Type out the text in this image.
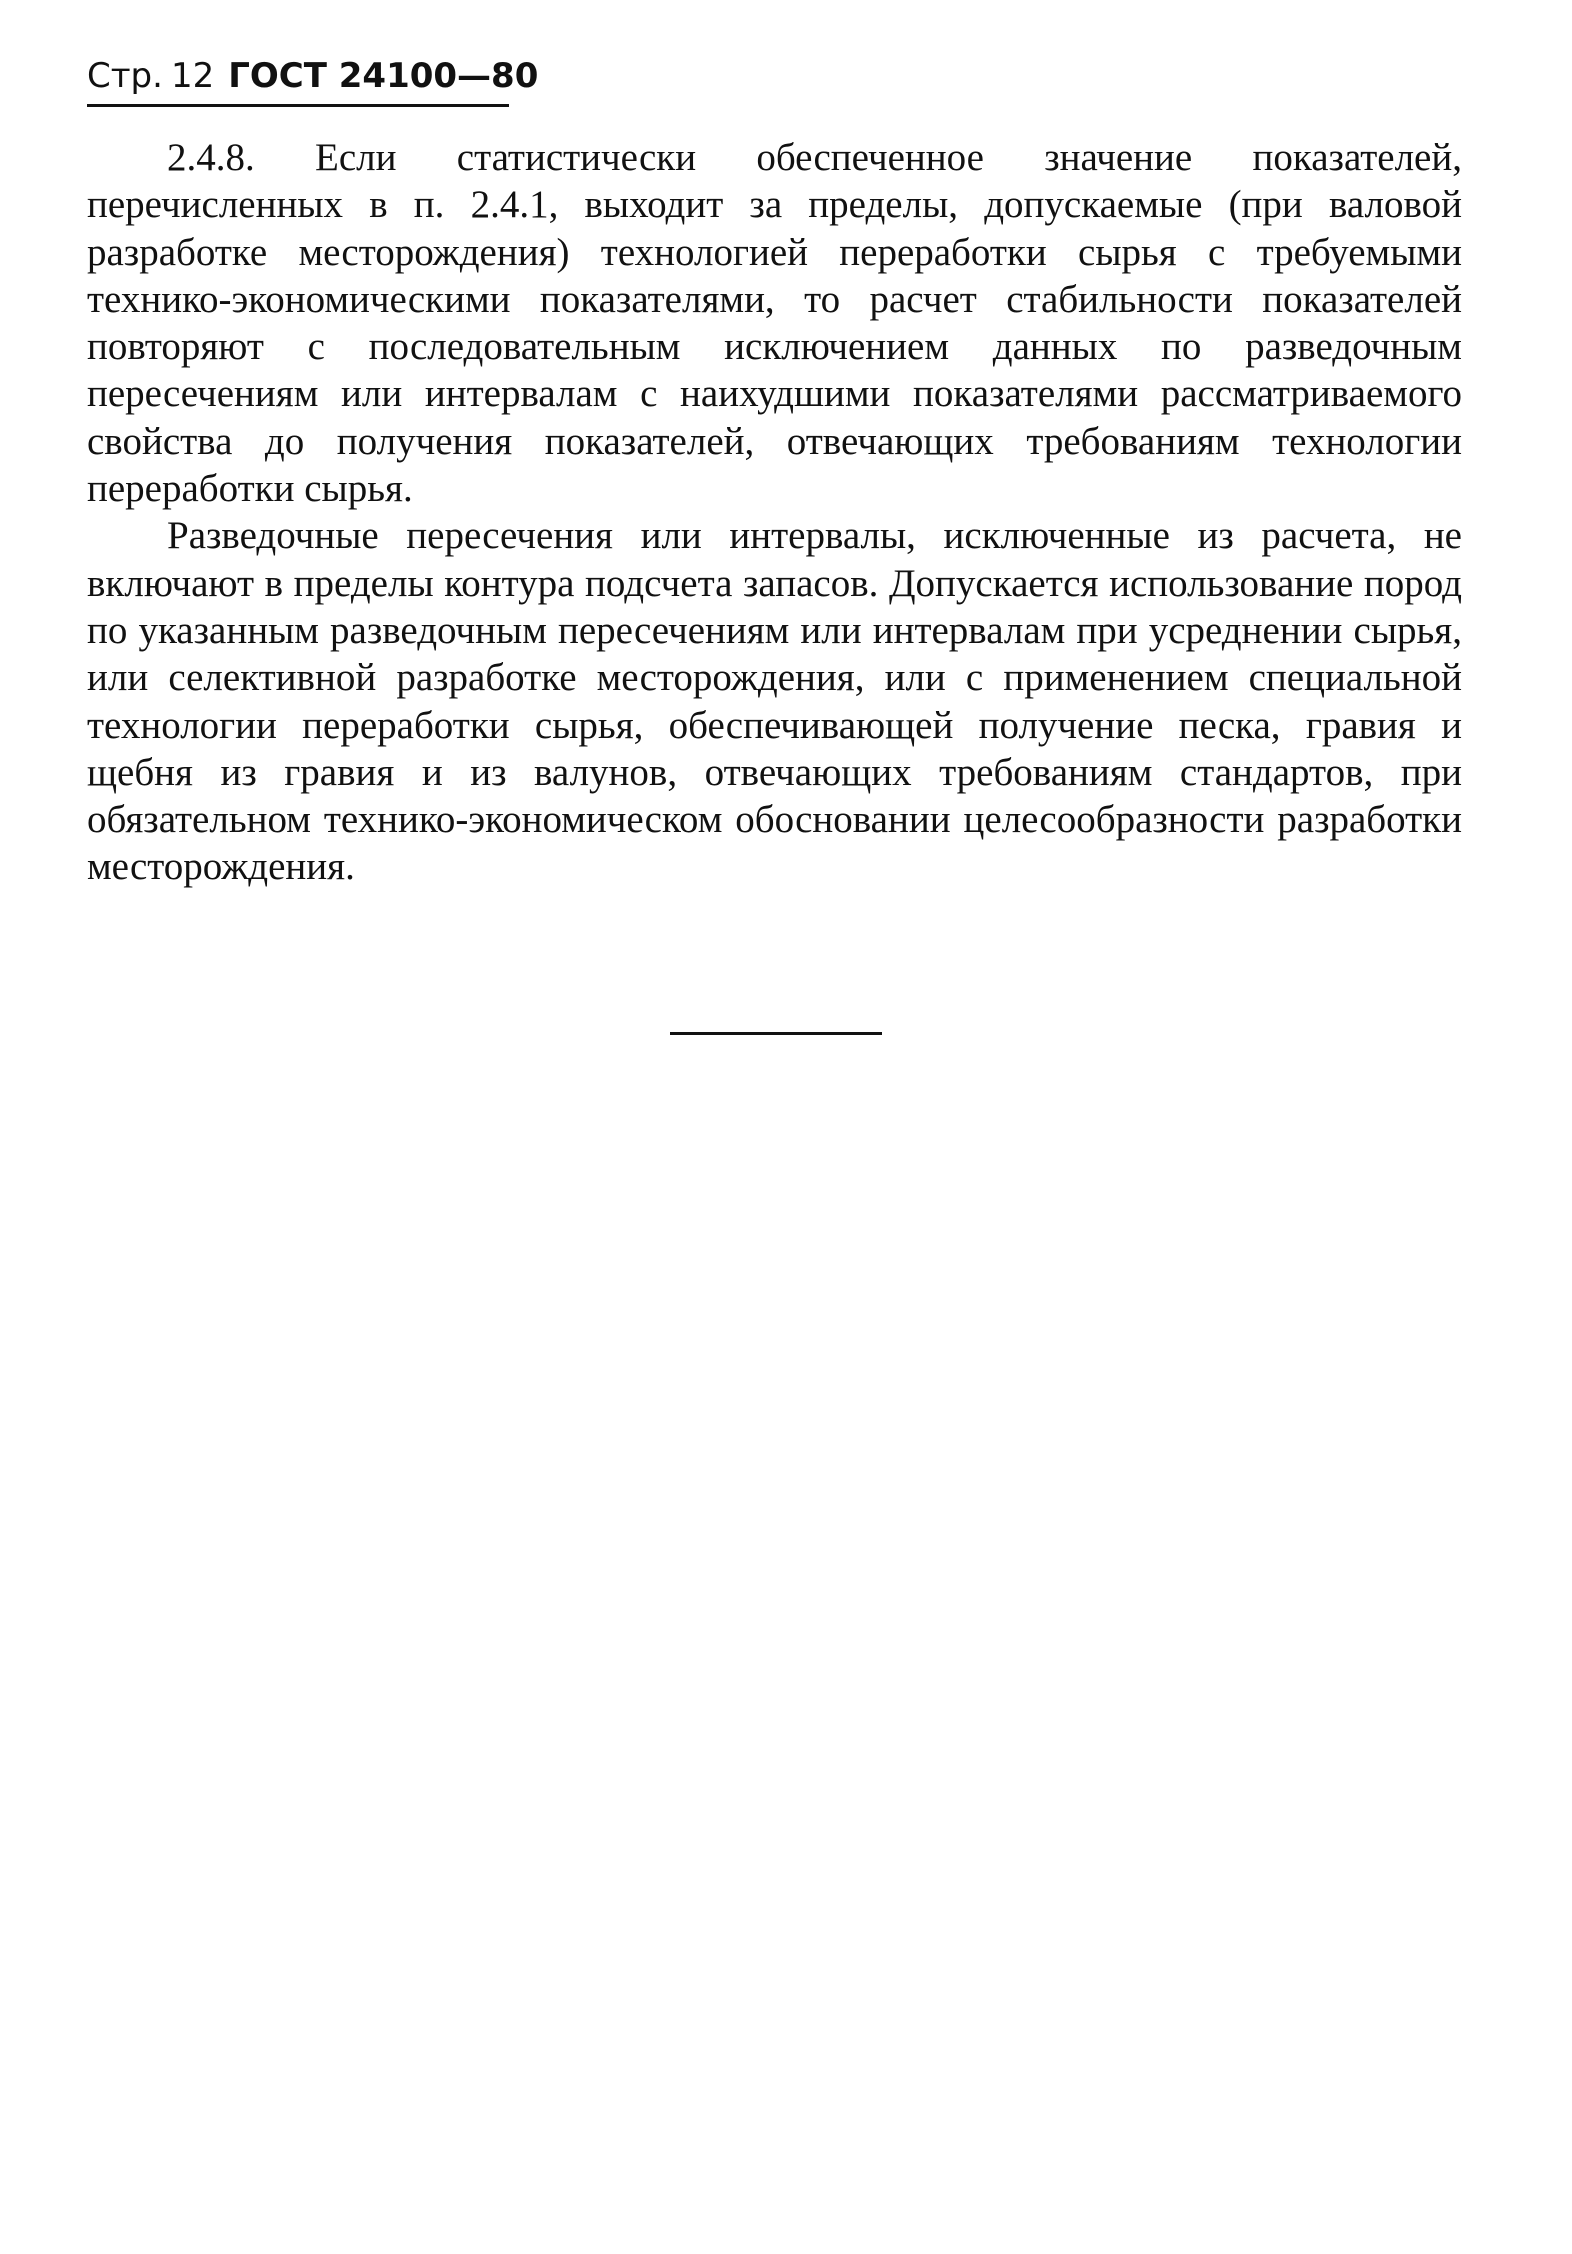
Стр. 12 ГОСТ 24100—80

2.4.8. Если статистически обеспеченное значение показателей, перечисленных в п. 2.4.1, выходит за пределы, допускаемые (при валовой разработке месторождения) технологией переработки сырья с требуемыми технико-экономическими показателями, то расчет стабильности показателей повторяют с последовательным исключением данных по разведочным пересечениям или интервалам с наихудшими показателями рассматриваемого свойства до получения показателей, отвечающих требованиям технологии переработки сырья.

Разведочные пересечения или интервалы, исключенные из расчета, не включают в пределы контура подсчета запасов. Допускается использование пород по указанным разведочным пересечениям или интервалам при усреднении сырья, или селективной разработке месторождения, или с применением специальной технологии переработки сырья, обеспечивающей получение песка, гравия и щебня из гравия и из валунов, отвечающих требованиям стандартов, при обязательном технико-экономическом обосновании целесообразности разработки месторождения.
